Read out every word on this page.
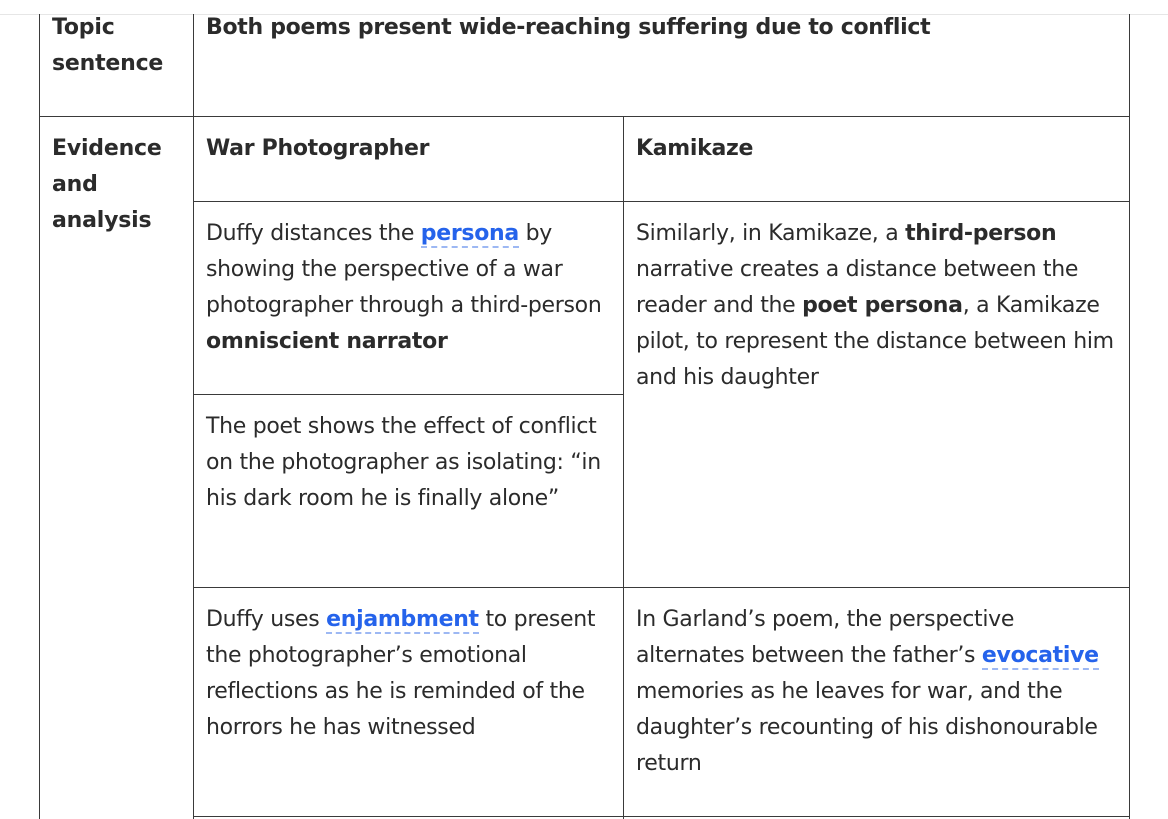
Topic
sentence
Both poems present wide-reaching suffering due to conflict
Evidence
and
analysis
War Photographer	Kamikaze
Duffy distances the persona by showing the perspective of a war photographer through a third-person omniscient narrator
Similarly, in Kamikaze, a third-person narrative creates a distance between the reader and the poet persona, a Kamikaze pilot, to represent the distance between him and his daughter
The poet shows the effect of conflict on the photographer as isolating: “in his dark room he is finally alone”
Duffy uses enjambment to present the photographer’s emotional reflections as he is reminded of the horrors he has witnessed
In Garland’s poem, the perspective alternates between the father’s evocative memories as he leaves for war, and the daughter’s recounting of his dishonourable return
